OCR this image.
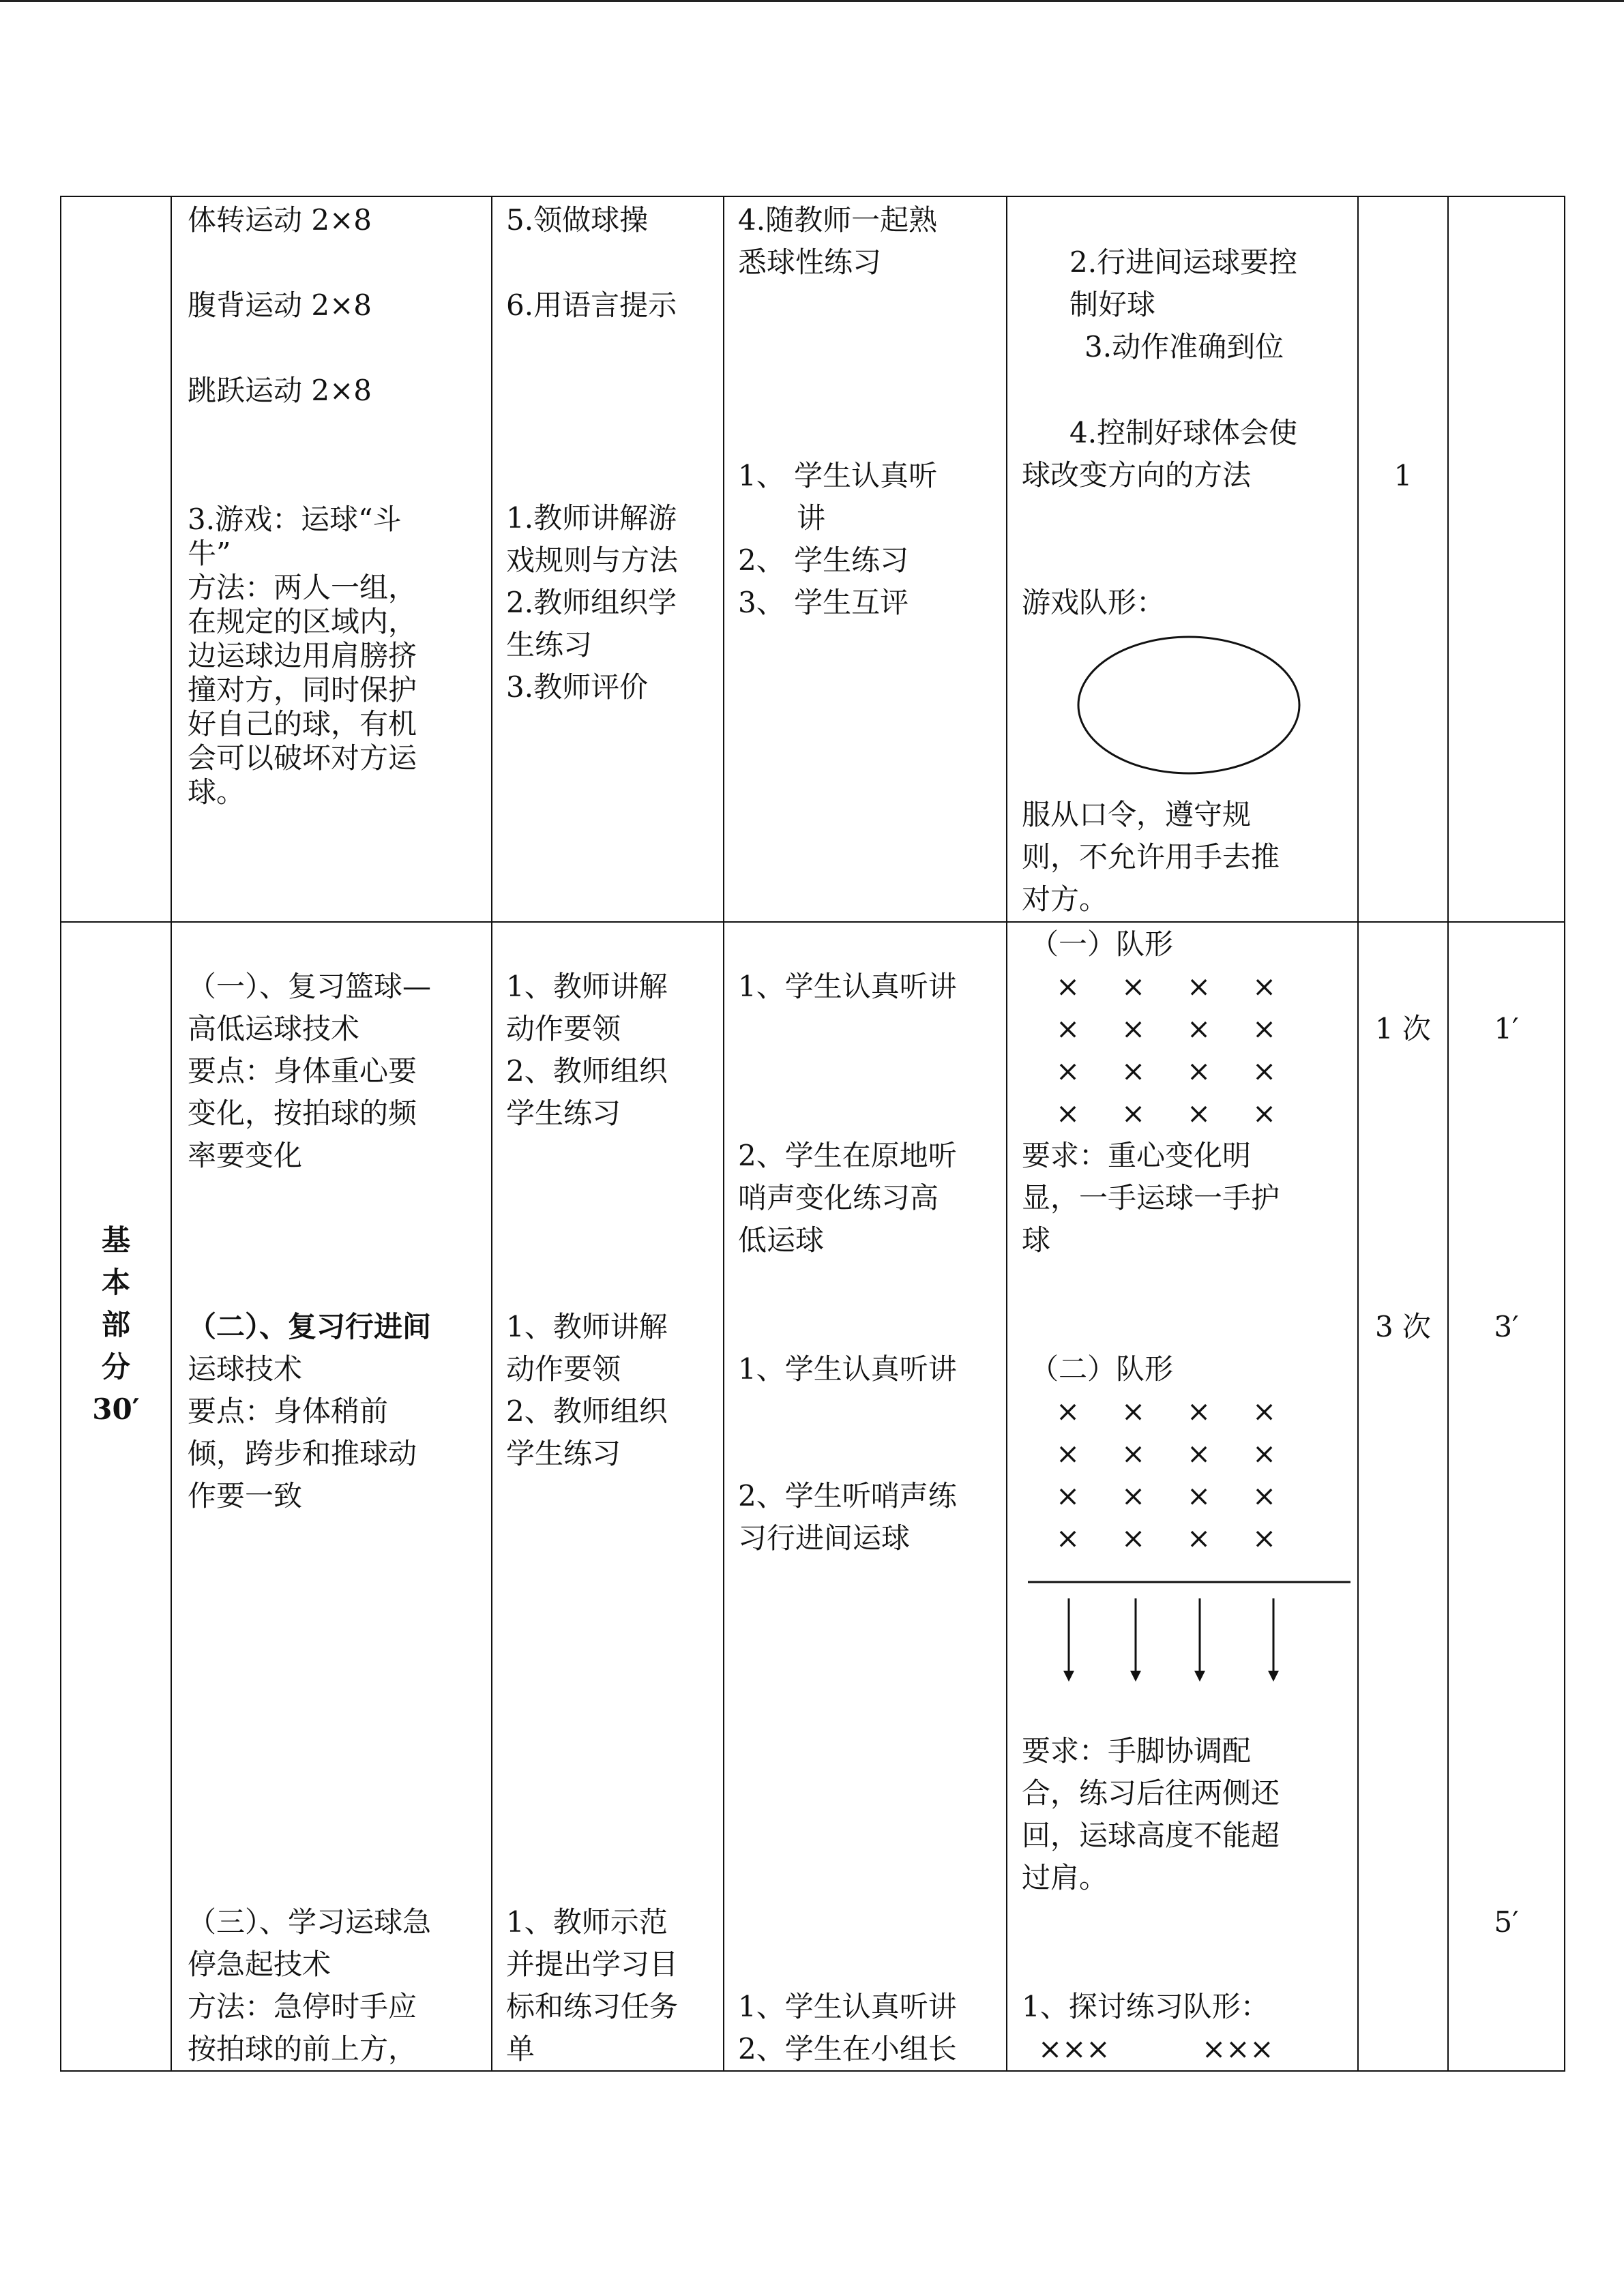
体转运动 2×8
腹背运动 2×8
跳跃运动 2×8
3.游戏：运球“斗
牛”
方法：两人一组，
在规定的区域内，
边运球边用肩膀挤
撞对方，同时保护
好自己的球，有机
会可以破坏对方运
球。
5.领做球操
6.用语言提示
1.教师讲解游
戏规则与方法
2.教师组织学
生练习
3.教师评价
4.随教师一起熟
悉球性练习
1、 学生认真听
讲
2、 学生练习
3、 学生互评
2.行进间运球要控
制好球
3.动作准确到位
4.控制好球体会使
球改变方向的方法
游戏队形：
服从口令，遵守规
则，不允许用手去推
对方。
1
基
本
部
分
30′
（一）、复习篮球—
高低运球技术
要点：身体重心要
变化，按拍球的频
率要变化
（二）、复习行进间
运球技术
要点：身体稍前
倾，跨步和推球动
作要一致
（三）、学习运球急
停急起技术
方法：急停时手应
按拍球的前上方，
1、教师讲解
动作要领
2、教师组织
学生练习
1、教师讲解
动作要领
2、教师组织
学生练习
1、教师示范
并提出学习目
标和练习任务
单
1、学生认真听讲
2、学生在原地听
哨声变化练习高
低运球
1、学生认真听讲
2、学生听哨声练
习行进间运球
1、学生认真听讲
2、学生在小组长
（一）队形
× × × ×
× × × ×
× × × ×
× × × ×
要求：重心变化明
显，一手运球一手护
球
（二）队形
× × × ×
× × × ×
× × × ×
× × × ×
要求：手脚协调配
合，练习后往两侧还
回，运球高度不能超
过肩。
1、探讨练习队形：
×××	×××
1 次
3 次
1′
3′
5′
